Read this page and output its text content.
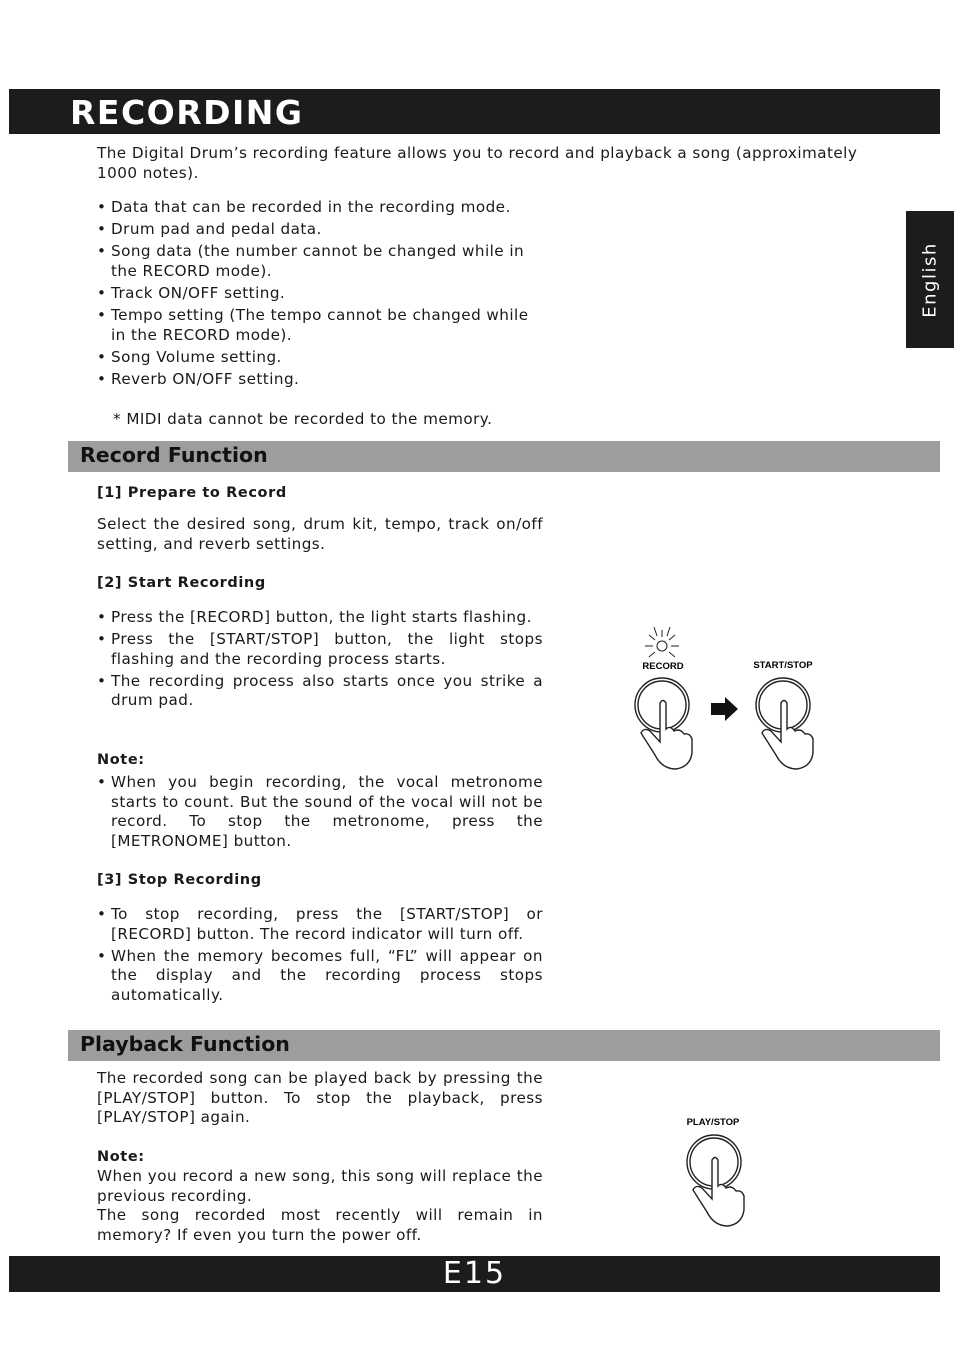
RECORDING
English
The Digital Drum’s recording feature allows you to record and playback a song (approximately 1000 notes).
• Data that can be recorded in the recording mode.
• Drum pad and pedal data.
• Song data (the number cannot be changed while in the RECORD mode).
• Track ON/OFF setting.
• Tempo setting (The tempo cannot be changed while in the RECORD mode).
• Song Volume setting.
• Reverb ON/OFF setting.
* MIDI data cannot be recorded to the memory.
Record Function
[1] Prepare to Record
Select the desired song, drum kit, tempo, track on/off setting, and reverb settings.
[2] Start Recording
• Press the [RECORD] button, the light starts flashing.
• Press the [START/STOP] button, the light stops flashing and the recording process starts.
• The recording process also starts once you strike a drum pad.
Note:
• When you begin recording, the vocal metronome starts to count. But the sound of the vocal will not be record. To stop the metronome, press the [METRONOME] button.
[3] Stop Recording
• To stop recording, press the [START/STOP] or [RECORD] button. The record indicator will turn off.
• When the memory becomes full, “FL” will appear on the display and the recording process stops automatically.
RECORD	START/STOP
Playback Function
The recorded song can be played back by pressing the [PLAY/STOP] button. To stop the playback, press [PLAY/STOP] again.
Note:
When you record a new song, this song will replace the previous recording.
The song recorded most recently will remain in memory? If even you turn the power off.
PLAY/STOP
E15
